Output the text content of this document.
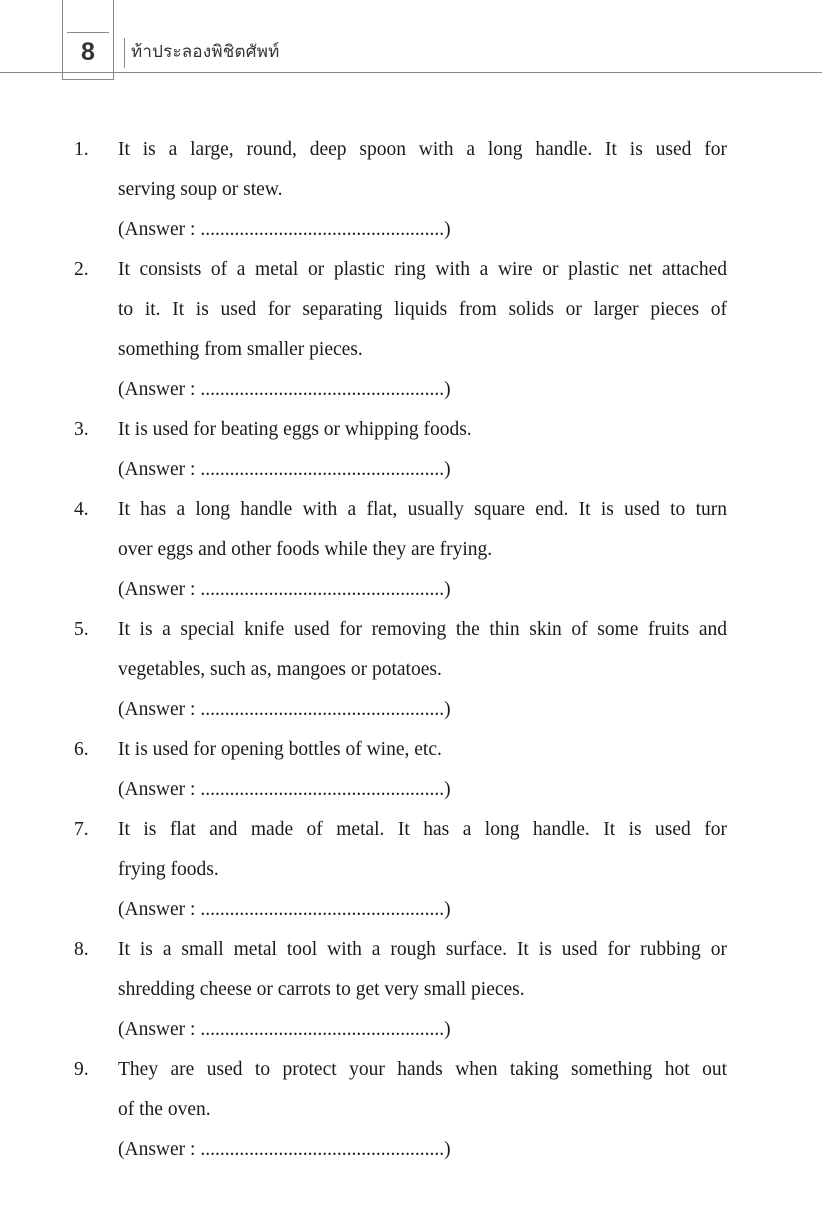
8	ท้าประลองพิชิตศัพท์
1. It is a large, round, deep spoon with a long handle. It is used for
serving soup or stew.
(Answer : ..................................................)
2. It consists of a metal or plastic ring with a wire or plastic net attached
to it. It is used for separating liquids from solids or larger pieces of
something from smaller pieces.
(Answer : ..................................................)
3. It is used for beating eggs or whipping foods.
(Answer : ..................................................)
4. It has a long handle with a flat, usually square end. It is used to turn
over eggs and other foods while they are frying.
(Answer : ..................................................)
5. It is a special knife used for removing the thin skin of some fruits and
vegetables, such as, mangoes or potatoes.
(Answer : ..................................................)
6. It is used for opening bottles of wine, etc.
(Answer : ..................................................)
7. It is flat and made of metal. It has a long handle. It is used for
frying foods.
(Answer : ..................................................)
8. It is a small metal tool with a rough surface. It is used for rubbing or
shredding cheese or carrots to get very small pieces.
(Answer : ..................................................)
9. They are used to protect your hands when taking something hot out
of the oven.
(Answer : ..................................................)
